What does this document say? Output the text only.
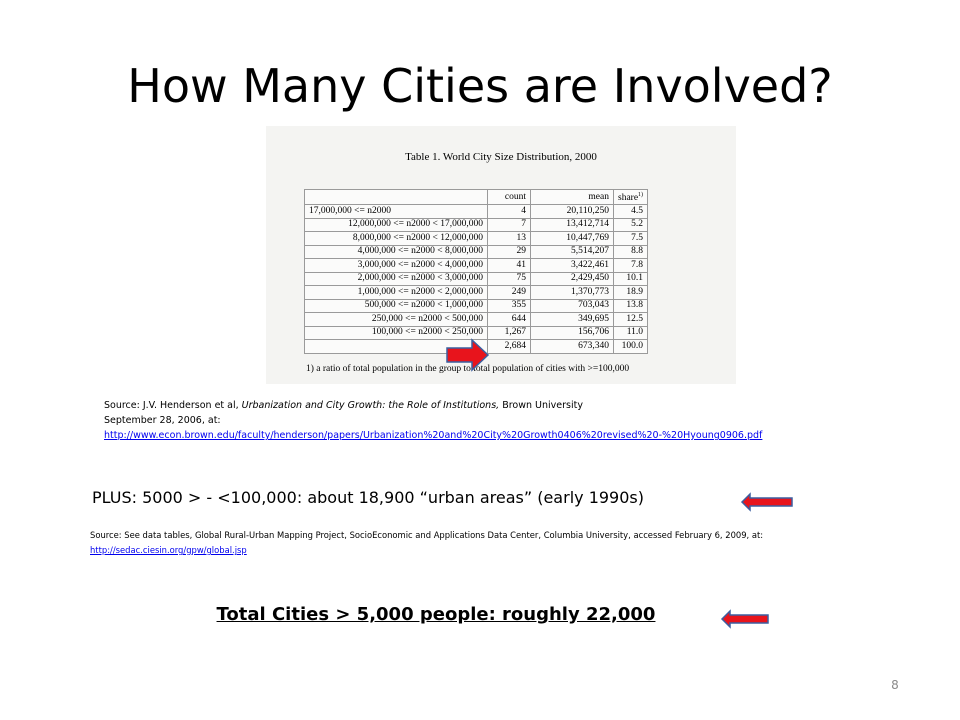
How Many Cities are Involved?
Table 1. World City Size Distribution, 2000
	count	mean	share$^{1)}$
17,000,000 <= n2000	4	20,110,250	4.5
12,000,000 <= n2000 < 17,000,000	7	13,412,714	5.2
8,000,000 <= n2000 < 12,000,000	13	10,447,769	7.5
4,000,000 <= n2000 < 8,000,000	29	5,514,207	8.8
3,000,000 <= n2000 < 4,000,000	41	3,422,461	7.8
2,000,000 <= n2000 < 3,000,000	75	2,429,450	10.1
1,000,000 <= n2000 < 2,000,000	249	1,370,773	18.9
500,000 <= n2000 < 1,000,000	355	703,043	13.8
250,000 <= n2000 < 500,000	644	349,695	12.5
100,000 <= n2000 < 250,000	1,267	156,706	11.0
	2,684	673,340	100.0
1) a ratio of total population in the group to total population of cities with >=100,000
Source: J.V. Henderson et al, Urbanization and City Growth: the Role of Institutions, Brown University
September 28, 2006, at:
http://www.econ.brown.edu/faculty/henderson/papers/Urbanization%20and%20City%20Growth0406%20revised%20-%20Hyoung0906.pdf
PLUS: 5000 > - <100,000: about 18,900 “urban areas” (early 1990s)
Source: See data tables, Global Rural-Urban Mapping Project, SocioEconomic and Applications Data Center, Columbia University, accessed February 6, 2009, at: http://sedac.ciesin.org/gpw/global.jsp
Total Cities > 5,000 people: roughly 22,000
8
